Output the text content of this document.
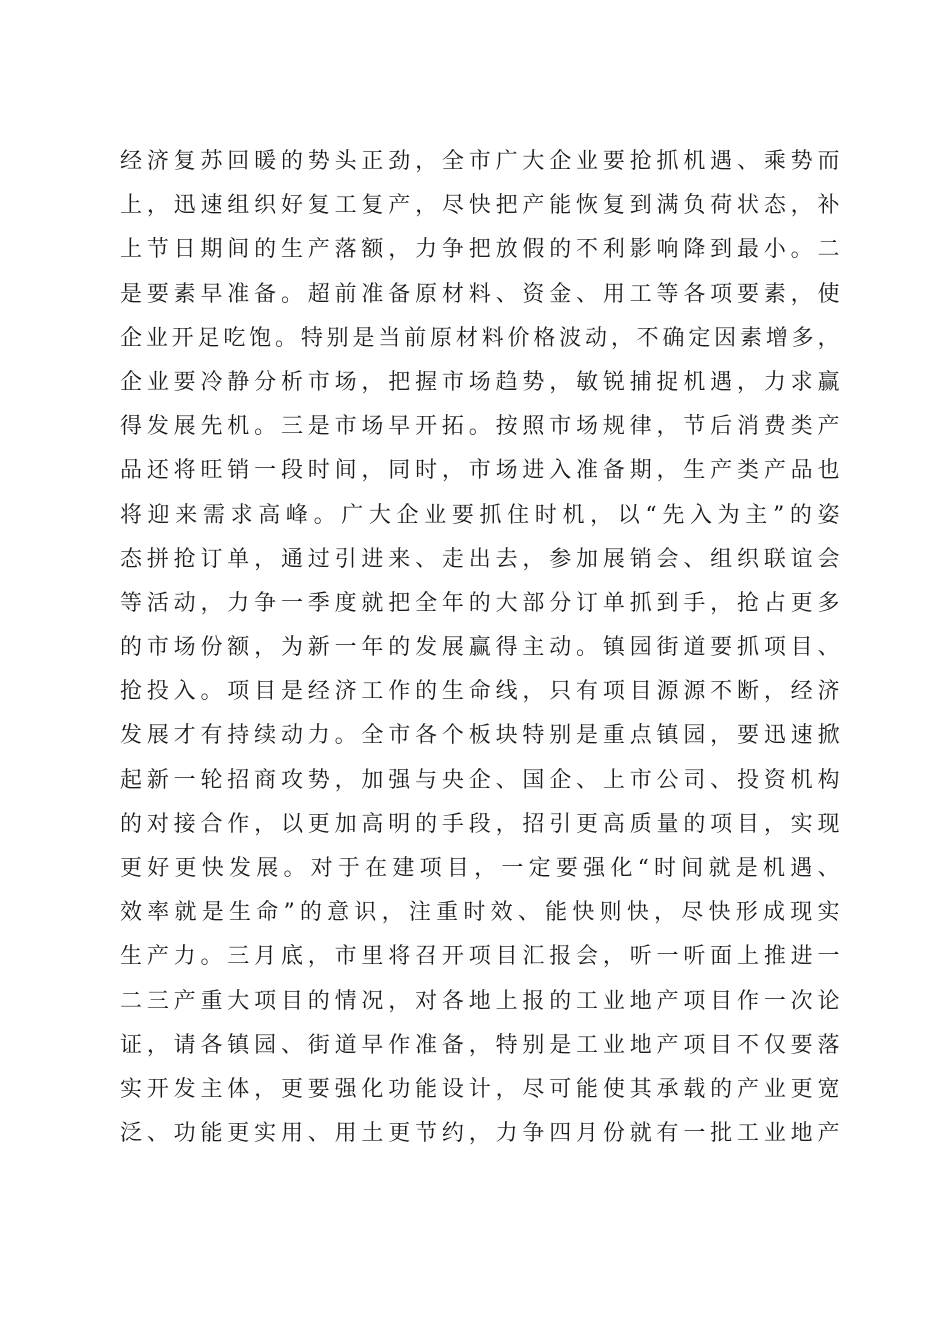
经济复苏回暖的势头正劲，全市广大企业要抢抓机遇、乘势而
上，迅速组织好复工复产，尽快把产能恢复到满负荷状态，补
上节日期间的生产落额，力争把放假的不利影响降到最小。二
是要素早准备。超前准备原材料、资金、用工等各项要素，使
企业开足吃饱。特别是当前原材料价格波动，不确定因素增多，
企业要冷静分析市场，把握市场趋势，敏锐捕捉机遇，力求赢
得发展先机。三是市场早开拓。按照市场规律，节后消费类产
品还将旺销一段时间，同时，市场进入准备期，生产类产品也
将迎来需求高峰。广大企业要抓住时机，以“先入为主”的姿
态拼抢订单，通过引进来、走出去，参加展销会、组织联谊会
等活动，力争一季度就把全年的大部分订单抓到手，抢占更多
的市场份额，为新一年的发展赢得主动。镇园街道要抓项目、
抢投入。项目是经济工作的生命线，只有项目源源不断，经济
发展才有持续动力。全市各个板块特别是重点镇园，要迅速掀
起新一轮招商攻势，加强与央企、国企、上市公司、投资机构
的对接合作，以更加高明的手段，招引更高质量的项目，实现
更好更快发展。对于在建项目，一定要强化“时间就是机遇、
效率就是生命”的意识，注重时效、能快则快，尽快形成现实
生产力。三月底，市里将召开项目汇报会，听一听面上推进一
二三产重大项目的情况，对各地上报的工业地产项目作一次论
证，请各镇园、街道早作准备，特别是工业地产项目不仅要落
实开发主体，更要强化功能设计，尽可能使其承载的产业更宽
泛、功能更实用、用土更节约，力争四月份就有一批工业地产
